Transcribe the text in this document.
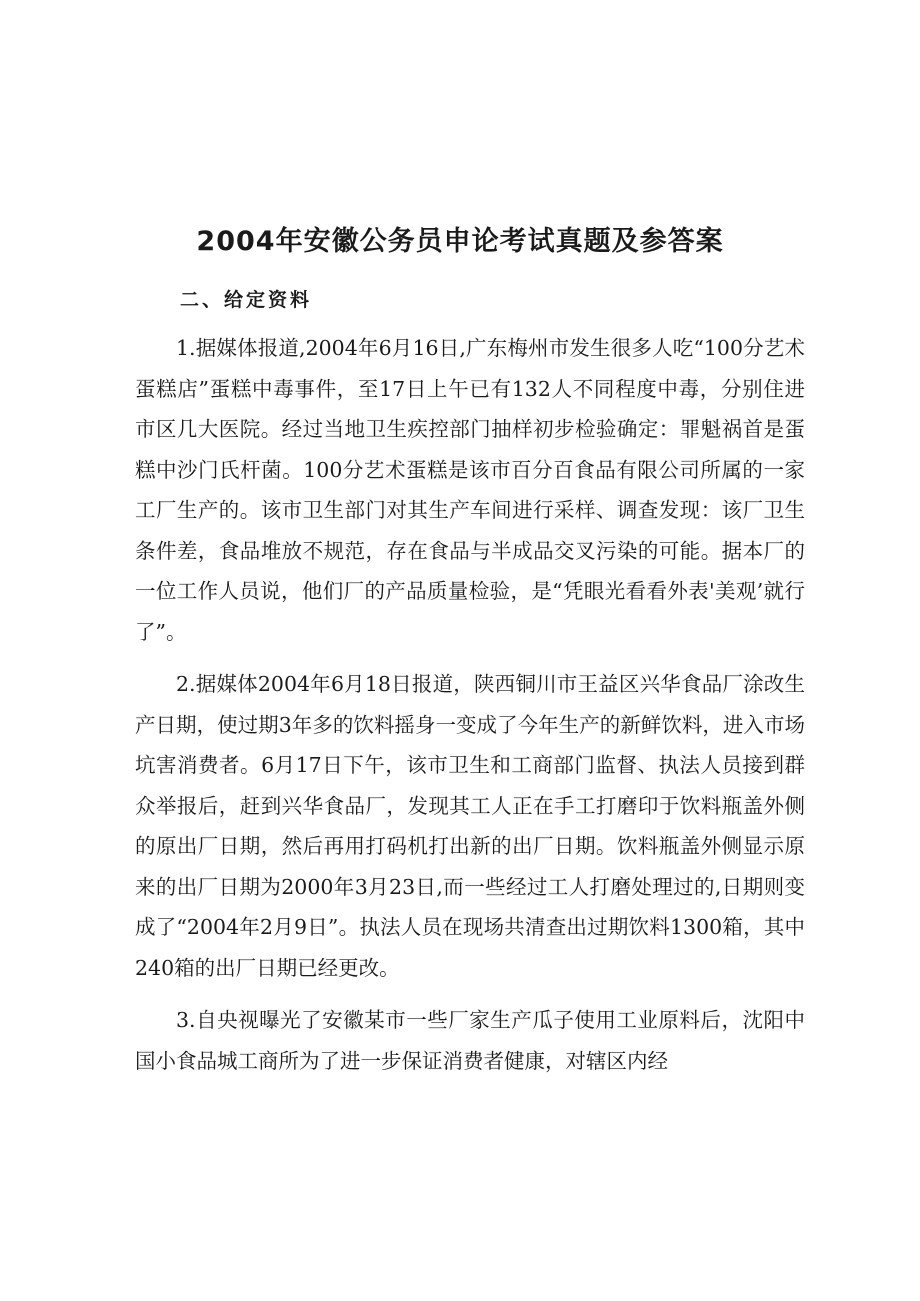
2004年安徽公务员申论考试真题及参答案
二、给定资料

1.据媒体报道,2004年6月16日,广东梅州市发生很多人吃“100分艺术蛋糕店”蛋糕中毒事件，至17日上午已有132人不同程度中毒，分别住进市区几大医院。经过当地卫生疾控部门抽样初步检验确定：罪魁祸首是蛋糕中沙门氏杆菌。100分艺术蛋糕是该市百分百食品有限公司所属的一家工厂生产的。该市卫生部门对其生产车间进行采样、调查发现：该厂卫生条件差，食品堆放不规范，存在食品与半成品交叉污染的可能。据本厂的一位工作人员说，他们厂的产品质量检验，是“凭眼光看看外表'美观’就行了”。

2.据媒体2004年6月18日报道，陕西铜川市王益区兴华食品厂涂改生产日期，使过期3年多的饮料摇身一变成了今年生产的新鲜饮料，进入市场坑害消费者。6月17日下午，该市卫生和工商部门监督、执法人员接到群众举报后，赶到兴华食品厂，发现其工人正在手工打磨印于饮料瓶盖外侧的原出厂日期，然后再用打码机打出新的出厂日期。饮料瓶盖外侧显示原来的出厂日期为2000年3月23日,而一些经过工人打磨处理过的,日期则变成了“2004年2月9日”。执法人员在现场共清查出过期饮料1300箱，其中240箱的出厂日期已经更改。

3.自央视曝光了安徽某市一些厂家生产瓜子使用工业原料后，沈阳中国小食品城工商所为了进一步保证消费者健康，对辖区内经
